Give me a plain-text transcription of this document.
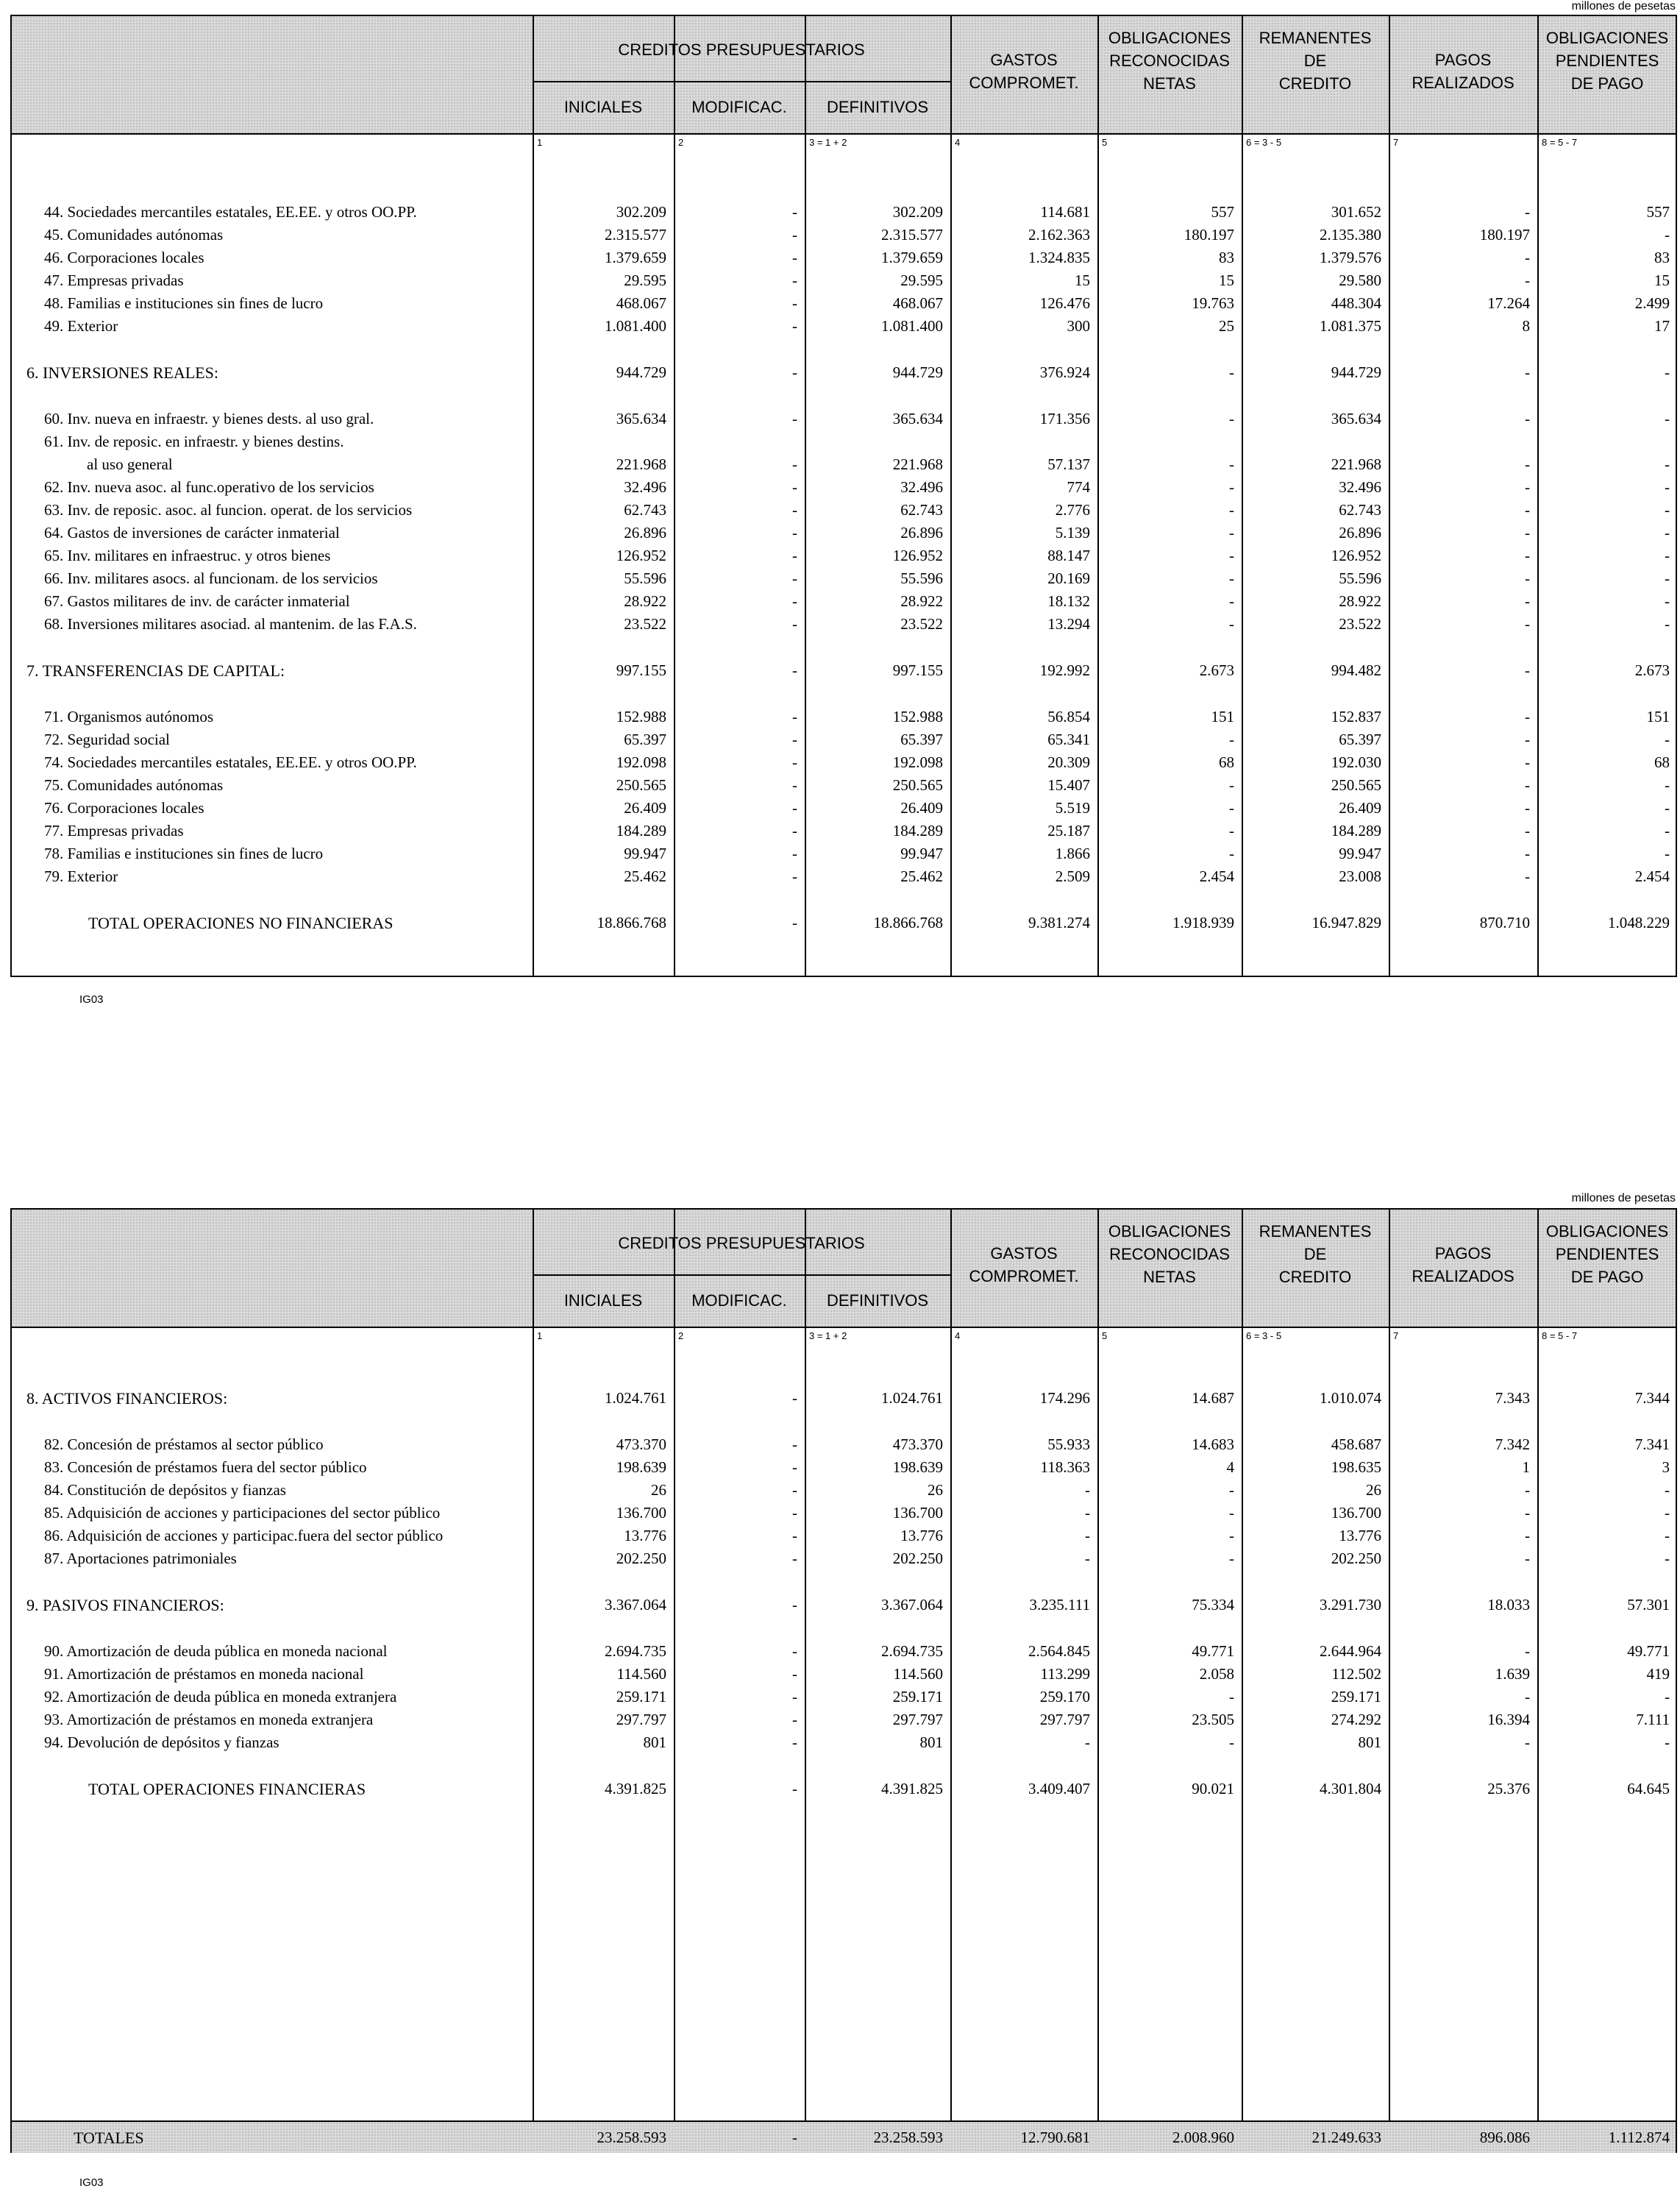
millones de pesetas
CREDITOS PRESUPUESTARIOS
INICIALES	MODIFICAC.	DEFINITIVOS
GASTOS
COMPROMET.
OBLIGACIONES
RECONOCIDAS
NETAS
REMANENTES
DE
CREDITO
PAGOS
REALIZADOS
OBLIGACIONES
PENDIENTES
DE PAGO
1	2	3 = 1 + 2	4	5	6 = 3 - 5	7	8 = 5 - 7
44. Sociedades mercantiles estatales, EE.EE. y otros OO.PP.	302.209	-	302.209	114.681	557	301.652	-	557
45. Comunidades autónomas	2.315.577	-	2.315.577	2.162.363	180.197	2.135.380	180.197	-
46. Corporaciones locales	1.379.659	-	1.379.659	1.324.835	83	1.379.576	-	83
47. Empresas privadas	29.595	-	29.595	15	15	29.580	-	15
48. Familias e instituciones sin fines de lucro	468.067	-	468.067	126.476	19.763	448.304	17.264	2.499
49. Exterior	1.081.400	-	1.081.400	300	25	1.081.375	8	17
6. INVERSIONES REALES:	944.729	-	944.729	376.924	-	944.729	-	-
60. Inv. nueva en infraestr. y bienes dests. al uso gral.	365.634	-	365.634	171.356	-	365.634	-	-
61. Inv. de reposic. en infraestr. y bienes destins.
al uso general	221.968	-	221.968	57.137	-	221.968	-	-
62. Inv. nueva asoc. al func.operativo de los servicios	32.496	-	32.496	774	-	32.496	-	-
63. Inv. de reposic. asoc. al funcion. operat. de los servicios	62.743	-	62.743	2.776	-	62.743	-	-
64. Gastos de inversiones de carácter inmaterial	26.896	-	26.896	5.139	-	26.896	-	-
65. Inv. militares en infraestruc. y otros bienes	126.952	-	126.952	88.147	-	126.952	-	-
66. Inv. militares asocs. al funcionam. de los servicios	55.596	-	55.596	20.169	-	55.596	-	-
67. Gastos militares de inv. de carácter inmaterial	28.922	-	28.922	18.132	-	28.922	-	-
68. Inversiones militares asociad. al mantenim. de las F.A.S.	23.522	-	23.522	13.294	-	23.522	-	-
7. TRANSFERENCIAS DE CAPITAL:	997.155	-	997.155	192.992	2.673	994.482	-	2.673
71. Organismos autónomos	152.988	-	152.988	56.854	151	152.837	-	151
72. Seguridad social	65.397	-	65.397	65.341	-	65.397	-	-
74. Sociedades mercantiles estatales, EE.EE. y otros OO.PP.	192.098	-	192.098	20.309	68	192.030	-	68
75. Comunidades autónomas	250.565	-	250.565	15.407	-	250.565	-	-
76. Corporaciones locales	26.409	-	26.409	5.519	-	26.409	-	-
77. Empresas privadas	184.289	-	184.289	25.187	-	184.289	-	-
78. Familias e instituciones sin fines de lucro	99.947	-	99.947	1.866	-	99.947	-	-
79. Exterior	25.462	-	25.462	2.509	2.454	23.008	-	2.454
TOTAL OPERACIONES NO FINANCIERAS	18.866.768	-	18.866.768	9.381.274	1.918.939	16.947.829	870.710	1.048.229
IG03
millones de pesetas
CREDITOS PRESUPUESTARIOS
INICIALES	MODIFICAC.	DEFINITIVOS
GASTOS
COMPROMET.
OBLIGACIONES
RECONOCIDAS
NETAS
REMANENTES
DE
CREDITO
PAGOS
REALIZADOS
OBLIGACIONES
PENDIENTES
DE PAGO
1	2	3 = 1 + 2	4	5	6 = 3 - 5	7	8 = 5 - 7
8. ACTIVOS FINANCIEROS:	1.024.761	-	1.024.761	174.296	14.687	1.010.074	7.343	7.344
82. Concesión de préstamos al sector público	473.370	-	473.370	55.933	14.683	458.687	7.342	7.341
83. Concesión de préstamos fuera del sector público	198.639	-	198.639	118.363	4	198.635	1	3
84. Constitución de depósitos y fianzas	26	-	26	-	-	26	-	-
85. Adquisición de acciones y participaciones del sector público	136.700	-	136.700	-	-	136.700	-	-
86. Adquisición de acciones y participac.fuera del sector público	13.776	-	13.776	-	-	13.776	-	-
87. Aportaciones patrimoniales	202.250	-	202.250	-	-	202.250	-	-
9. PASIVOS FINANCIEROS:	3.367.064	-	3.367.064	3.235.111	75.334	3.291.730	18.033	57.301
90. Amortización de deuda pública en moneda nacional	2.694.735	-	2.694.735	2.564.845	49.771	2.644.964	-	49.771
91. Amortización de préstamos en moneda nacional	114.560	-	114.560	113.299	2.058	112.502	1.639	419
92. Amortización de deuda pública en moneda extranjera	259.171	-	259.171	259.170	-	259.171	-	-
93. Amortización de préstamos en moneda extranjera	297.797	-	297.797	297.797	23.505	274.292	16.394	7.111
94. Devolución de depósitos y fianzas	801	-	801	-	-	801	-	-
TOTAL OPERACIONES FINANCIERAS	4.391.825	-	4.391.825	3.409.407	90.021	4.301.804	25.376	64.645
TOTALES	23.258.593	-	23.258.593	12.790.681	2.008.960	21.249.633	896.086	1.112.874
IG03
